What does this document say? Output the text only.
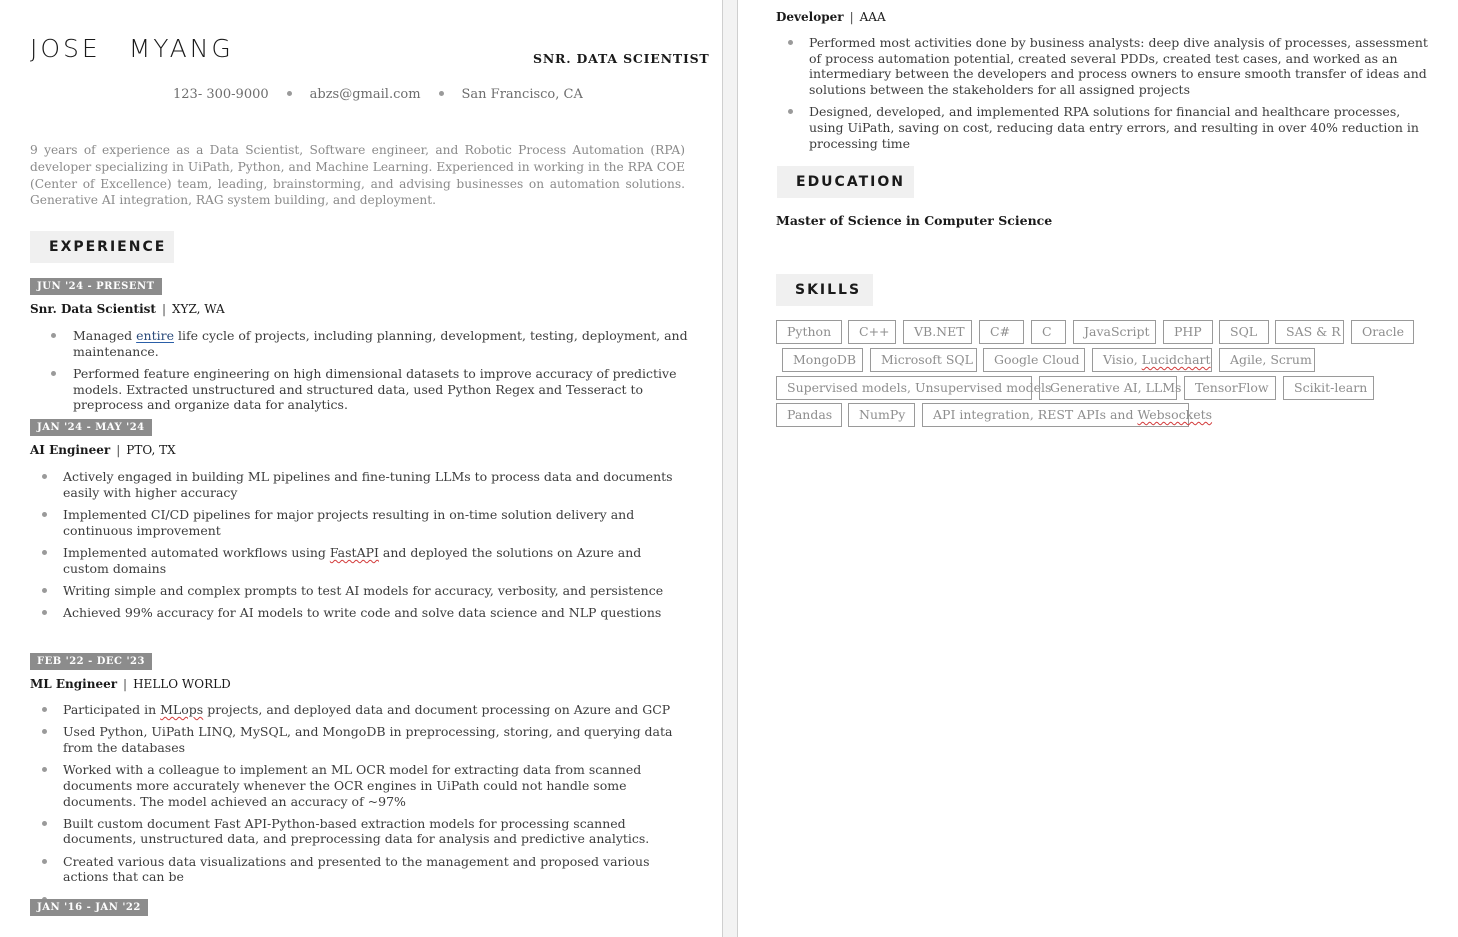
JOSE MYANG	SNR. DATA SCIENTIST
123- 300-9000	abzs@gmail.com	San Francisco, CA

9 years of experience as a Data Scientist, Software engineer, and Robotic Process Automation (RPA) developer specializing in UiPath, Python, and Machine Learning. Experienced in working in the RPA COE (Center of Excellence) team, leading, brainstorming, and advising businesses on automation solutions. Generative AI integration, RAG system building, and deployment.

EXPERIENCE
JUN '24 - PRESENT
Snr. Data Scientist | XYZ, WA
Managed entire life cycle of projects, including planning, development, testing, deployment, and maintenance.
Performed feature engineering on high dimensional datasets to improve accuracy of predictive models. Extracted unstructured and structured data, used Python Regex and Tesseract to preprocess and organize data for analytics.
JAN '24 - MAY '24
AI Engineer | PTO, TX
Actively engaged in building ML pipelines and fine-tuning LLMs to process data and documents easily with higher accuracy
Implemented CI/CD pipelines for major projects resulting in on-time solution delivery and continuous improvement
Implemented automated workflows using FastAPI and deployed the solutions on Azure and custom domains
Writing simple and complex prompts to test AI models for accuracy, verbosity, and persistence
Achieved 99% accuracy for AI models to write code and solve data science and NLP questions
FEB '22 - DEC '23
ML Engineer | HELLO WORLD
Participated in MLops projects, and deployed data and document processing on Azure and GCP
Used Python, UiPath LINQ, MySQL, and MongoDB in preprocessing, storing, and querying data from the databases
Worked with a colleague to implement an ML OCR model for extracting data from scanned documents more accurately whenever the OCR engines in UiPath could not handle some documents. The model achieved an accuracy of ~97%
Built custom document Fast API-Python-based extraction models for processing scanned documents, unstructured data, and preprocessing data for analysis and predictive analytics.
Created various data visualizations and presented to the management and proposed various actions that can be
JAN '16 - JAN '22
Developer | AAA
Performed most activities done by business analysts: deep dive analysis of processes, assessment of process automation potential, created several PDDs, created test cases, and worked as an intermediary between the developers and process owners to ensure smooth transfer of ideas and solutions between the stakeholders for all assigned projects
Designed, developed, and implemented RPA solutions for financial and healthcare processes, using UiPath, saving on cost, reducing data entry errors, and resulting in over 40% reduction in processing time
EDUCATION
Master of Science in Computer Science
SKILLS
Python	C++	VB.NET	C#	C	JavaScript	PHP	SQL	SAS & R	Oracle
MongoDB	Microsoft SQL	Google Cloud	Visio, Lucidchart	Agile, Scrum
Supervised models, Unsupervised models
Generative AI, LLMs	TensorFlow	Scikit-learn
Pandas	NumPy	API integration, REST APIs and Websockets
